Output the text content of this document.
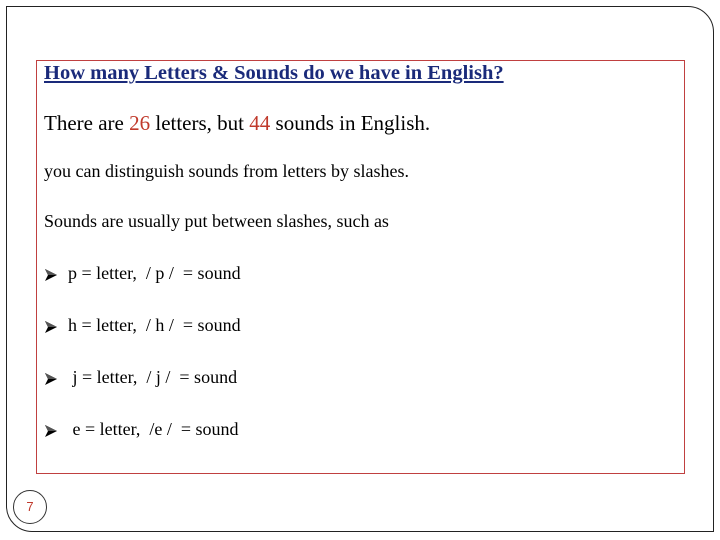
How many Letters & Sounds do we have in English?
There are 26 letters, but 44 sounds in English.
you can distinguish sounds from letters by slashes.
Sounds are usually put between slashes, such as
p = letter,  / p /  = sound
h = letter,  / h /  = sound
j = letter,  / j /  = sound
e = letter,  /e /  = sound
7
